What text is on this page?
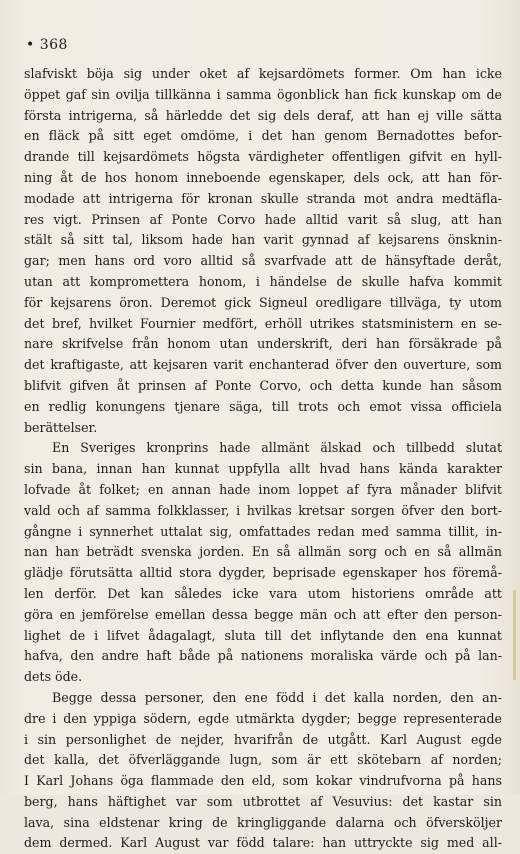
• 368
slafviskt böja sig under oket af kejsardömets former. Om han icke
öppet gaf sin ovilja tillkänna i samma ögonblick han fick kunskap om de
första intrigerna, så härledde det sig dels deraf, att han ej ville sätta
en fläck på sitt eget omdöme, i det han genom Bernadottes befor-
drande till kejsardömets högsta värdigheter offentligen gifvit en hyll-
ning åt de hos honom inneboende egenskaper, dels ock, att han för-
modade att intrigerna för kronan skulle stranda mot andra medtäfla-
res vigt. Prinsen af Ponte Corvo hade alltid varit så slug, att han
stält så sitt tal, liksom hade han varit gynnad af kejsarens önsknin-
gar; men hans ord voro alltid så svarfvade att de hänsyftade deråt,
utan att kompromettera honom, i händelse de skulle hafva kommit
för kejsarens öron. Deremot gick Signeul oredligare tillväga, ty utom
det bref, hvilket Fournier medfört, erhöll utrikes statsministern en se-
nare skrifvelse från honom utan underskrift, deri han försäkrade på
det kraftigaste, att kejsaren varit enchanterad öfver den ouverture, som
blifvit gifven åt prinsen af Ponte Corvo, och detta kunde han såsom
en redlig konungens tjenare säga, till trots och emot vissa officiela
berättelser.
En Sveriges kronprins hade allmänt älskad och tillbedd slutat
sin bana, innan han kunnat uppfylla allt hvad hans kända karakter
lofvade åt folket; en annan hade inom loppet af fyra månader blifvit
vald och af samma folkklasser, i hvilkas kretsar sorgen öfver den bort-
gångne i synnerhet uttalat sig, omfattades redan med samma tillit, in-
nan han beträdt svenska jorden. En så allmän sorg och en så allmän
glädje förutsätta alltid stora dygder, beprisade egenskaper hos föremå-
len derför. Det kan således icke vara utom historiens område att
göra en jemförelse emellan dessa begge män och att efter den person-
lighet de i lifvet ådagalagt, sluta till det inflytande den ena kunnat
hafva, den andre haft både på nationens moraliska värde och på lan-
dets öde.
Begge dessa personer, den ene född i det kalla norden, den an-
dre i den yppiga södern, egde utmärkta dygder; begge representerade
i sin personlighet de nejder, hvarifrån de utgått. Karl August egde
det kalla, det öfverläggande lugn, som är ett skötebarn af norden;
I Karl Johans öga flammade den eld, som kokar vindrufvorna på hans
berg, hans häftighet var som utbrottet af Vesuvius: det kastar sin
lava, sina eldstenar kring de kringliggande dalarna och öfversköljer
dem dermed. Karl August var född talare: han uttryckte sig med all-
